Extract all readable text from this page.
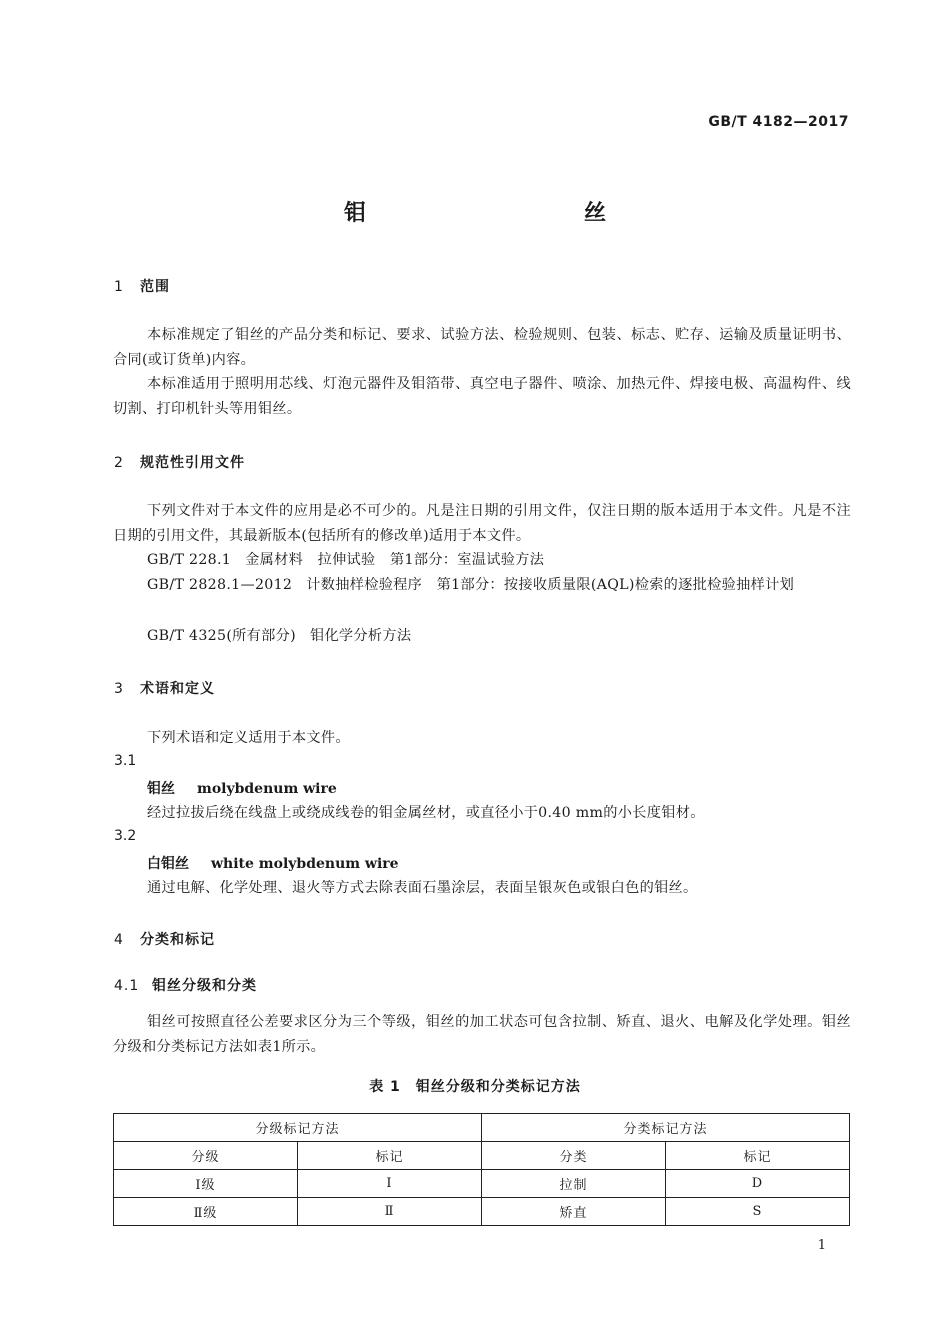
GB/T 4182—2017
钼　　丝
1 范围
本标准规定了钼丝的产品分类和标记、要求、试验方法、检验规则、包装、标志、贮存、运输及质量证明书、合同(或订货单)内容。
本标准适用于照明用芯线、灯泡元器件及钼箔带、真空电子器件、喷涂、加热元件、焊接电极、高温构件、线切割、打印机针头等用钼丝。
2 规范性引用文件
下列文件对于本文件的应用是必不可少的。凡是注日期的引用文件，仅注日期的版本适用于本文件。凡是不注日期的引用文件，其最新版本(包括所有的修改单)适用于本文件。
GB/T 228.1 金属材料　拉伸试验　第1部分：室温试验方法
GB/T 2828.1—2012 计数抽样检验程序　第1部分：按接收质量限(AQL)检索的逐批检验抽样计划
GB/T 4325(所有部分) 钼化学分析方法
3 术语和定义
下列术语和定义适用于本文件。
3.1
钼丝 molybdenum wire
经过拉拔后绕在线盘上或绕成线卷的钼金属丝材，或直径小于0.40 mm的小长度钼材。
3.2
白钼丝 white molybdenum wire
通过电解、化学处理、退火等方式去除表面石墨涂层，表面呈银灰色或银白色的钼丝。
4 分类和标记
4.1 钼丝分级和分类
钼丝可按照直径公差要求区分为三个等级，钼丝的加工状态可包含拉制、矫直、退火、电解及化学处理。钼丝分级和分类标记方法如表1所示。
表 1　钼丝分级和分类标记方法
分级标记方法		分类标记方法	
分级	标记	分类	标记
Ⅰ级	Ⅰ	拉制	D
Ⅱ级	Ⅱ	矫直	S
1
